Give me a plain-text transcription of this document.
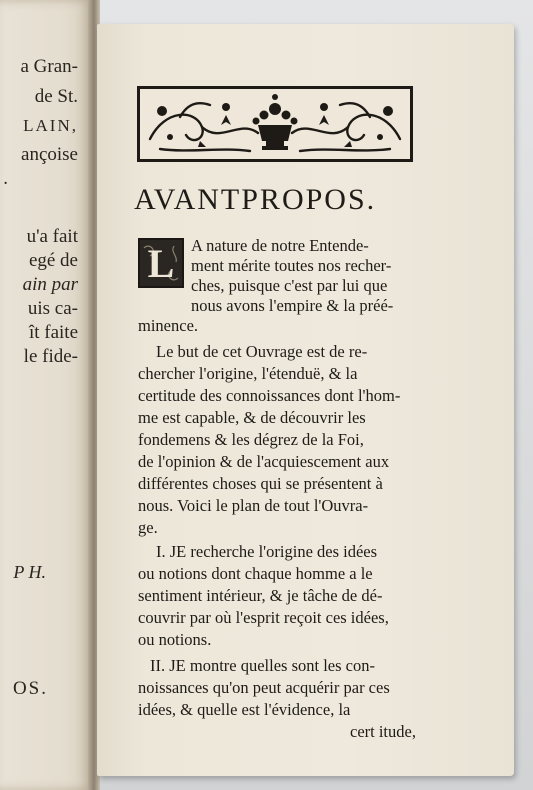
a Gran-
de St.
LAIN,
ançoise
.
u'a fait
egé de
ain par
uis ca-
ît faite
le fide-
P H.
OS.
AVANTPROPOS.
L	A nature de notre Entende-
ment mérite toutes nos recher-
ches, puisque c'est par lui que
nous avons l'empire & la préé-
minence.
Le but de cet Ouvrage est de re-
chercher l'origine, l'étenduë, & la
certitude des connoissances dont l'hom-
me est capable, & de découvrir les
fondemens & les dégrez de la Foi,
de l'opinion & de l'acquiescement aux
différentes choses qui se présentent à
nous. Voici le plan de tout l'Ouvra-
ge.
I. JE recherche l'origine des idées
ou notions dont chaque homme a le
sentiment intérieur, & je tâche de dé-
couvrir par où l'esprit reçoit ces idées,
ou notions.
II. JE montre quelles sont les con-
noissances qu'on peut acquérir par ces
idées, & quelle est l'évidence, la
cert itude,
